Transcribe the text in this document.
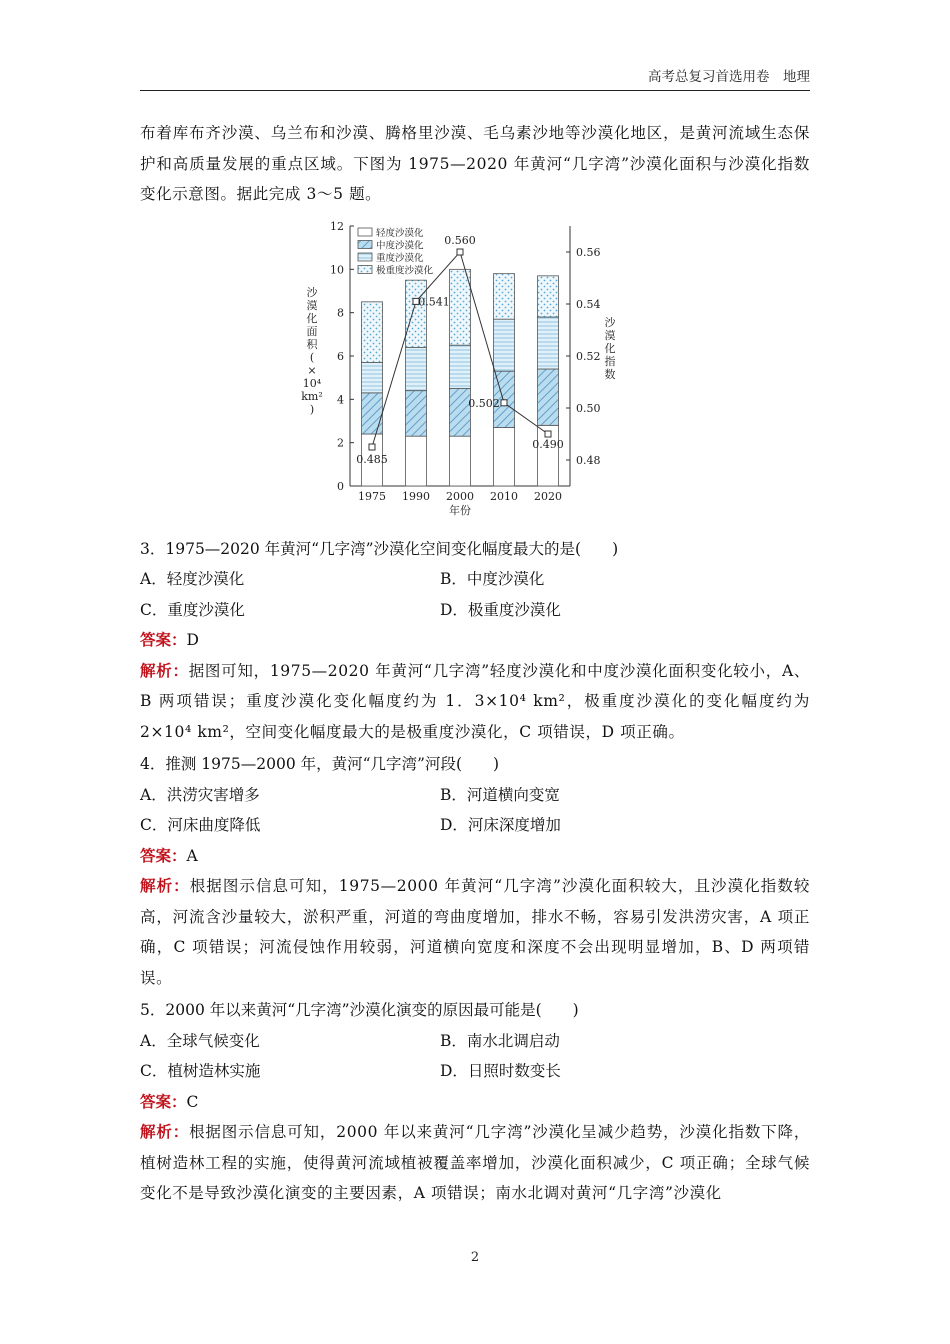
高考总复习首选用卷　地理
布着库布齐沙漠、乌兰布和沙漠、腾格里沙漠、毛乌素沙地等沙漠化地区，是黄河流域生态保护和高质量发展的重点区域。下图为 1975—2020 年黄河“几字湾”沙漠化面积与沙漠化指数变化示意图。据此完成 3～5 题。
0
2
4
6
8
10
12
0.48
0.50
0.52
0.54
0.56
1975 1990 2000 2010 2020
0.485
0.541
0.560
0.502
0.490
轻度沙漠化
中度沙漠化
重度沙漠化
极重度沙漠化
年份
沙
漠
化
面
积
(
×
10⁴
km²
)
沙
漠
化
指
数
3．1975—2020 年黄河“几字湾”沙漠化空间变化幅度最大的是(　　)
A．轻度沙漠化	B．中度沙漠化
C．重度沙漠化	D．极重度沙漠化
答案：D
解析：据图可知，1975—2020 年黄河“几字湾”轻度沙漠化和中度沙漠化面积变化较小，A、B 两项错误；重度沙漠化变化幅度约为 1．3×10⁴ km²，极重度沙漠化的变化幅度约为 2×10⁴ km²，空间变化幅度最大的是极重度沙漠化，C 项错误，D 项正确。
4．推测 1975—2000 年，黄河“几字湾”河段(　　)
A．洪涝灾害增多	B．河道横向变宽
C．河床曲度降低	D．河床深度增加
答案：A
解析：根据图示信息可知，1975—2000 年黄河“几字湾”沙漠化面积较大，且沙漠化指数较高，河流含沙量较大，淤积严重，河道的弯曲度增加，排水不畅，容易引发洪涝灾害，A 项正确，C 项错误；河流侵蚀作用较弱，河道横向宽度和深度不会出现明显增加，B、D 两项错误。
5．2000 年以来黄河“几字湾”沙漠化演变的原因最可能是(　　)
A．全球气候变化	B．南水北调启动
C．植树造林实施	D．日照时数变长
答案：C
解析：根据图示信息可知，2000 年以来黄河“几字湾”沙漠化呈减少趋势，沙漠化指数下降，植树造林工程的实施，使得黄河流域植被覆盖率增加，沙漠化面积减少，C 项正确；全球气候变化不是导致沙漠化演变的主要因素，A 项错误；南水北调对黄河“几字湾”沙漠化
2
